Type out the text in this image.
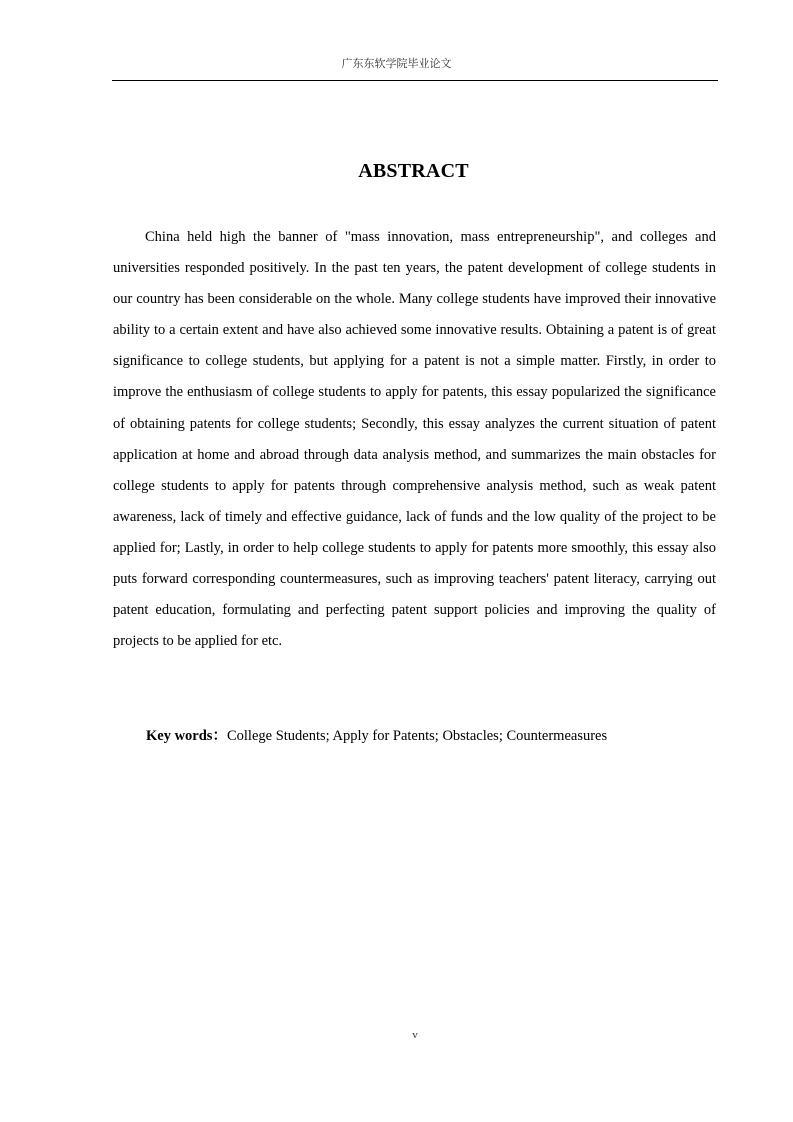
广东东软学院毕业论文
ABSTRACT

China held high the banner of "mass innovation, mass entrepreneurship", and colleges and universities responded positively. In the past ten years, the patent development of college students in our country has been considerable on the whole. Many college students have improved their innovative ability to a certain extent and have also achieved some innovative results. Obtaining a patent is of great significance to college students, but applying for a patent is not a simple matter. Firstly, in order to improve the enthusiasm of college students to apply for patents, this essay popularized the significance of obtaining patents for college students; Secondly, this essay analyzes the current situation of patent application at home and abroad through data analysis method, and summarizes the main obstacles for college students to apply for patents through comprehensive analysis method, such as weak patent awareness, lack of timely and effective guidance, lack of funds and the low quality of the project to be applied for; Lastly, in order to help college students to apply for patents more smoothly, this essay also puts forward corresponding countermeasures, such as improving teachers' patent literacy, carrying out patent education, formulating and perfecting patent support policies and improving the quality of projects to be applied for etc.

Key words：College Students; Apply for Patents; Obstacles; Countermeasures
v
